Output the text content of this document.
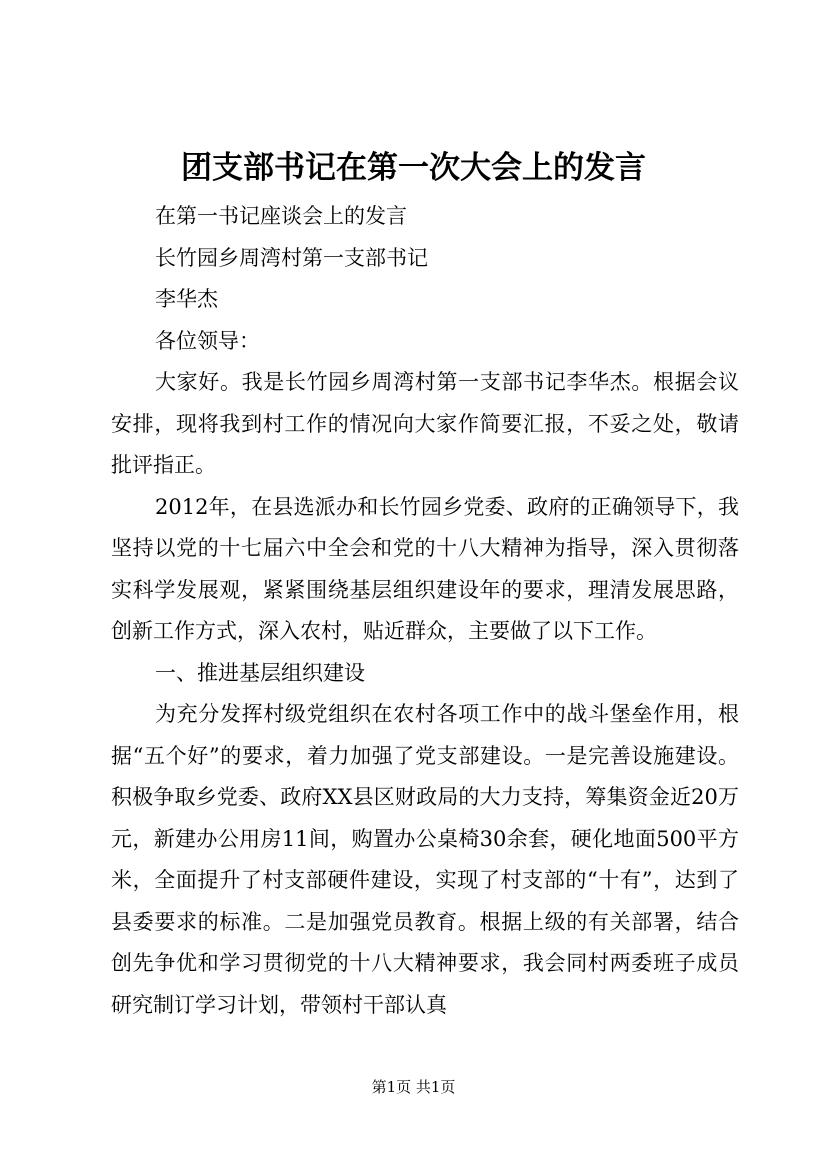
团支部书记在第一次大会上的发言

在第一书记座谈会上的发言

长竹园乡周湾村第一支部书记

李华杰

各位领导：

大家好。我是长竹园乡周湾村第一支部书记李华杰。根据会议安排，现将我到村工作的情况向大家作简要汇报，不妥之处，敬请批评指正。

2012年，在县选派办和长竹园乡党委、政府的正确领导下，我坚持以党的十七届六中全会和党的十八大精神为指导，深入贯彻落实科学发展观，紧紧围绕基层组织建设年的要求，理清发展思路，创新工作方式，深入农村，贴近群众，主要做了以下工作。

一、推进基层组织建设

为充分发挥村级党组织在农村各项工作中的战斗堡垒作用，根据“五个好”的要求，着力加强了党支部建设。一是完善设施建设。积极争取乡党委、政府XX县区财政局的大力支持，筹集资金近20万元，新建办公用房11间，购置办公桌椅30余套，硬化地面500平方米，全面提升了村支部硬件建设，实现了村支部的“十有”，达到了县委要求的标准。二是加强党员教育。根据上级的有关部署，结合创先争优和学习贯彻党的十八大精神要求，我会同村两委班子成员研究制订学习计划，带领村干部认真

第1页 共1页
